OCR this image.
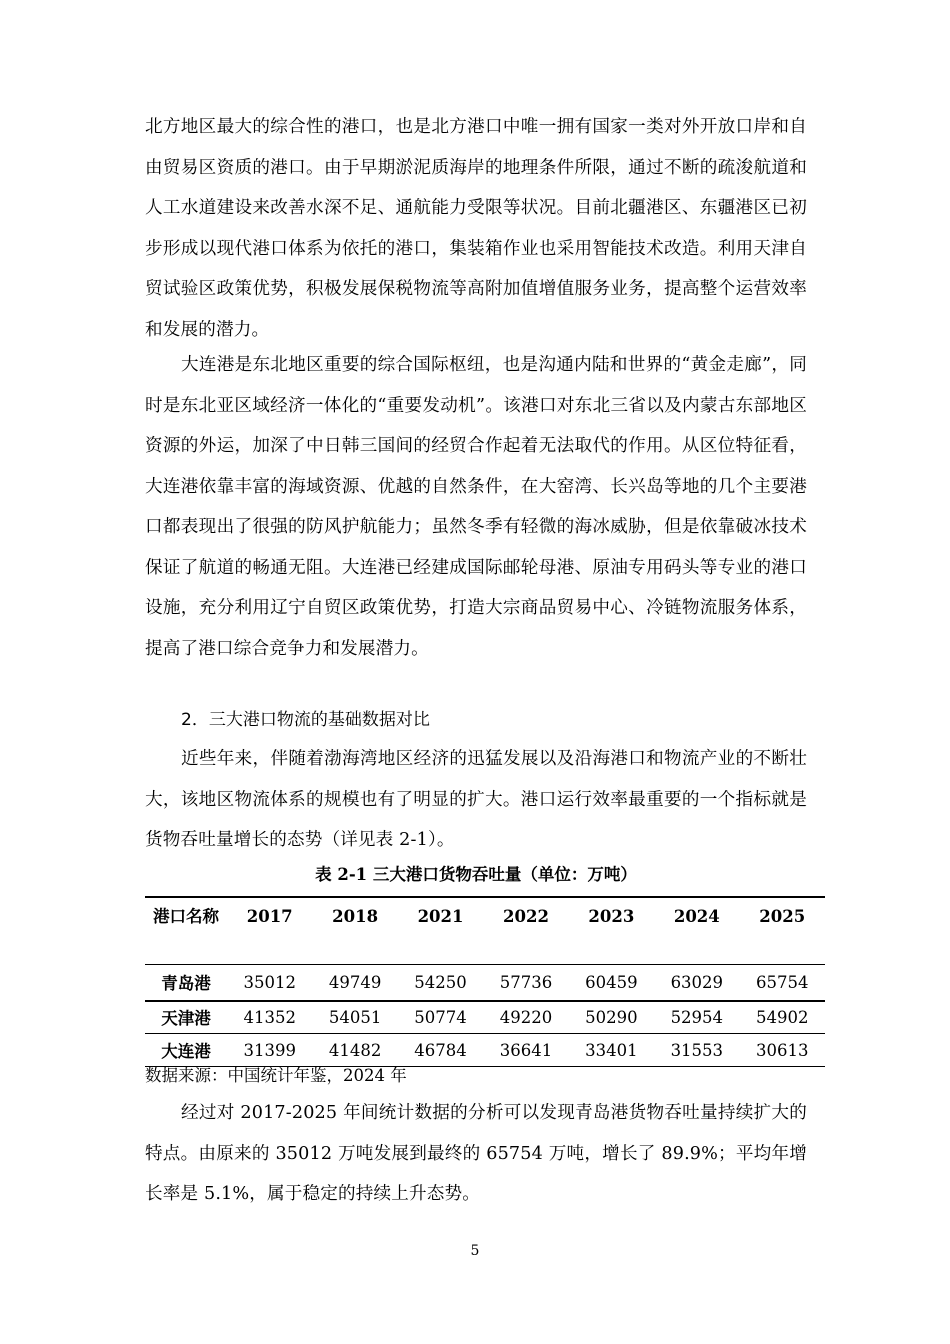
北方地区最大的综合性的港口，也是北方港口中唯一拥有国家一类对外开放口岸和自由贸易区资质的港口。由于早期淤泥质海岸的地理条件所限，通过不断的疏浚航道和人工水道建设来改善水深不足、通航能力受限等状况。目前北疆港区、东疆港区已初步形成以现代港口体系为依托的港口，集装箱作业也采用智能技术改造。利用天津自贸试验区政策优势，积极发展保税物流等高附加值增值服务业务，提高整个运营效率和发展的潜力。

大连港是东北地区重要的综合国际枢纽，也是沟通内陆和世界的“黄金走廊”，同时是东北亚区域经济一体化的“重要发动机”。该港口对东北三省以及内蒙古东部地区资源的外运，加深了中日韩三国间的经贸合作起着无法取代的作用。从区位特征看，大连港依靠丰富的海域资源、优越的自然条件，在大窑湾、长兴岛等地的几个主要港口都表现出了很强的防风护航能力；虽然冬季有轻微的海冰威胁，但是依靠破冰技术保证了航道的畅通无阻。大连港已经建成国际邮轮母港、原油专用码头等专业的港口设施，充分利用辽宁自贸区政策优势，打造大宗商品贸易中心、冷链物流服务体系，提高了港口综合竞争力和发展潜力。

2．三大港口物流的基础数据对比

近些年来，伴随着渤海湾地区经济的迅猛发展以及沿海港口和物流产业的不断壮大，该地区物流体系的规模也有了明显的扩大。港口运行效率最重要的一个指标就是货物吞吐量增长的态势（详见表 2-1）。

表 2-1 三大港口货物吞吐量（单位：万吨）

港口名称	2017	2018	2021	2022	2023	2024	2025
青岛港	35012	49749	54250	57736	60459	63029	65754
天津港	41352	54051	50774	49220	50290	52954	54902
大连港	31399	41482	46784	36641	33401	31553	30613

数据来源：中国统计年鉴，2024 年

经过对 2017-2025 年间统计数据的分析可以发现青岛港货物吞吐量持续扩大的特点。由原来的 35012 万吨发展到最终的 65754 万吨，增长了 89.9%；平均年增长率是 5.1%，属于稳定的持续上升态势。

5
